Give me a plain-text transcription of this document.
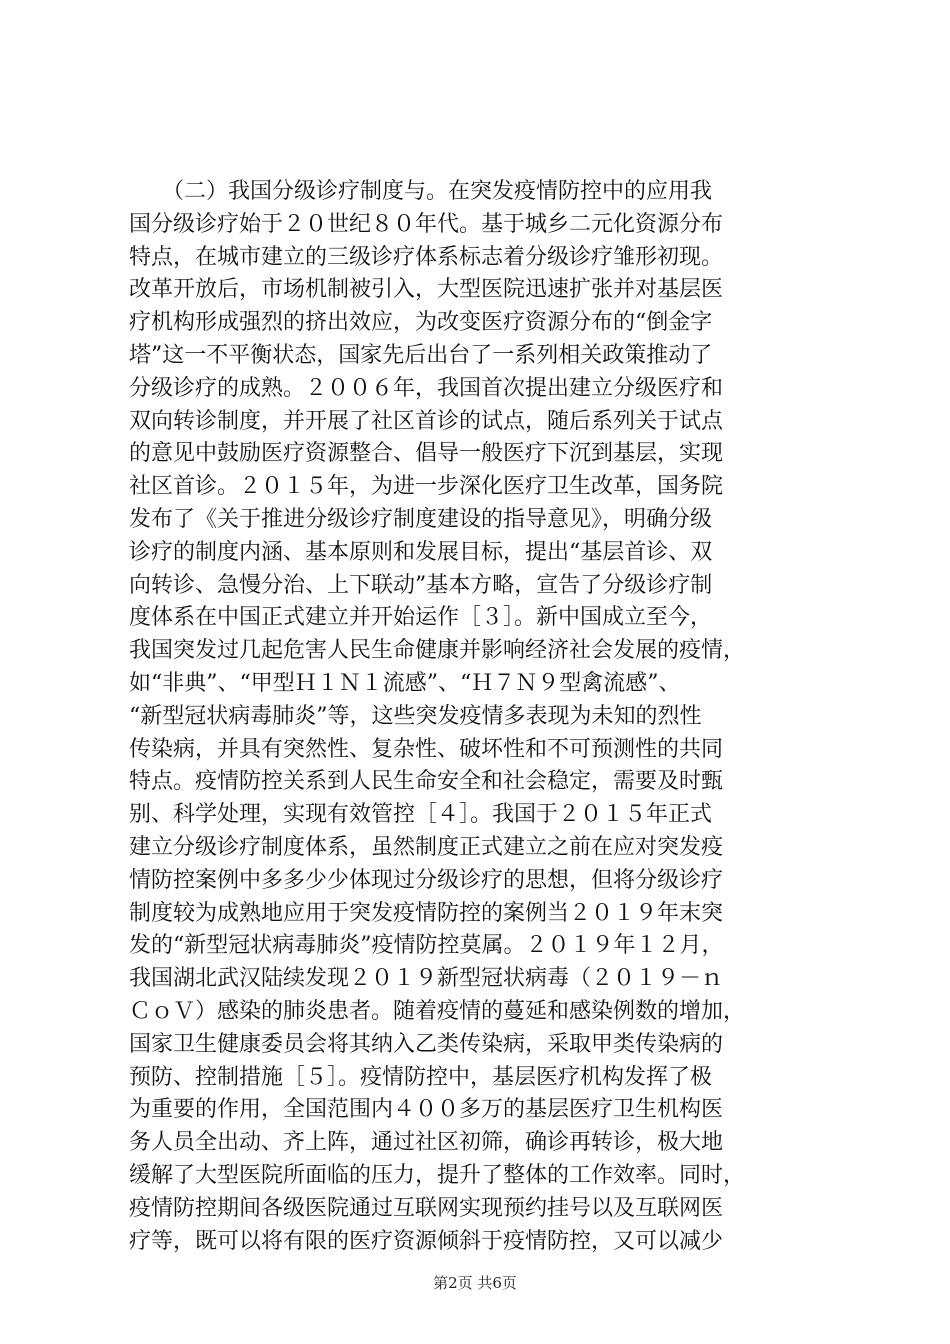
　　（二）我国分级诊疗制度与。在突发疫情防控中的应用我
国分级诊疗始于２０世纪８０年代。基于城乡二元化资源分布
特点，在城市建立的三级诊疗体系标志着分级诊疗雏形初现。
改革开放后，市场机制被引入，大型医院迅速扩张并对基层医
疗机构形成强烈的挤出效应，为改变医疗资源分布的“倒金字
塔”这一不平衡状态，国家先后出台了一系列相关政策推动了
分级诊疗的成熟。２００６年，我国首次提出建立分级医疗和
双向转诊制度，并开展了社区首诊的试点，随后系列关于试点
的意见中鼓励医疗资源整合、倡导一般医疗下沉到基层，实现
社区首诊。２０１５年，为进一步深化医疗卫生改革，国务院
发布了《关于推进分级诊疗制度建设的指导意见》，明确分级
诊疗的制度内涵、基本原则和发展目标，提出“基层首诊、双
向转诊、急慢分治、上下联动”基本方略，宣告了分级诊疗制
度体系在中国正式建立并开始运作［３］。新中国成立至今，
我国突发过几起危害人民生命健康并影响经济社会发展的疫情，
如“非典”、“甲型Ｈ１Ｎ１流感”、“Ｈ７Ｎ９型禽流感”、
“新型冠状病毒肺炎”等，这些突发疫情多表现为未知的烈性
传染病，并具有突然性、复杂性、破坏性和不可预测性的共同
特点。疫情防控关系到人民生命安全和社会稳定，需要及时甄
别、科学处理，实现有效管控［４］。我国于２０１５年正式
建立分级诊疗制度体系，虽然制度正式建立之前在应对突发疫
情防控案例中多多少少体现过分级诊疗的思想，但将分级诊疗
制度较为成熟地应用于突发疫情防控的案例当２０１９年末突
发的“新型冠状病毒肺炎”疫情防控莫属。２０１９年１２月，
我国湖北武汉陆续发现２０１９新型冠状病毒（２０１９－ｎ
ＣｏＶ）感染的肺炎患者。随着疫情的蔓延和感染例数的增加，
国家卫生健康委员会将其纳入乙类传染病，采取甲类传染病的
预防、控制措施［５］。疫情防控中，基层医疗机构发挥了极
为重要的作用，全国范围内４００多万的基层医疗卫生机构医
务人员全出动、齐上阵，通过社区初筛，确诊再转诊，极大地
缓解了大型医院所面临的压力，提升了整体的工作效率。同时，
疫情防控期间各级医院通过互联网实现预约挂号以及互联网医
疗等，既可以将有限的医疗资源倾斜于疫情防控，又可以减少
第2页 共6页
